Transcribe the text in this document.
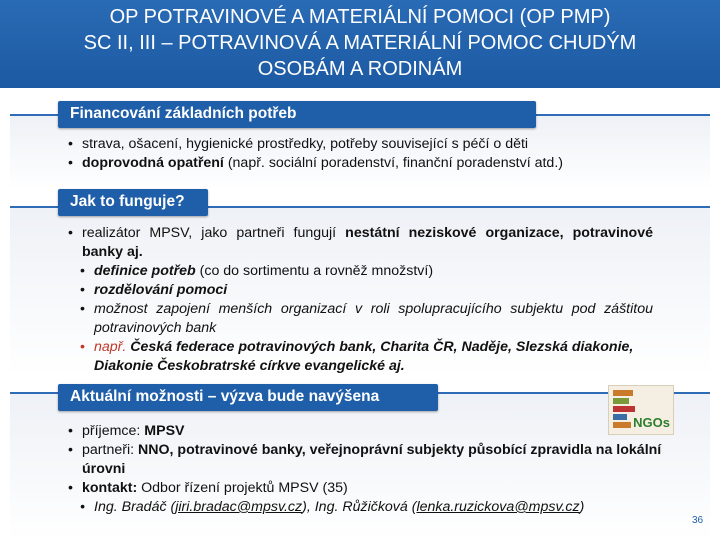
OP POTRAVINOVÉ A MATERIÁLNÍ POMOCI (OP PMP)
SC II, III – POTRAVINOVÁ A MATERIÁLNÍ POMOC CHUDÝM
OSOBÁM A RODINÁM
Financování základních potřeb
• strava, ošacení, hygienické prostředky, potřeby související s péčí o děti
• doprovodná opatření (např. sociální poradenství, finanční poradenství atd.)
Jak to funguje?
• realizátor MPSV, jako partneři fungují nestátní neziskové organizace, potravinové banky aj.
• definice potřeb (co do sortimentu a rovněž množství)
• rozdělování pomoci
• možnost zapojení menších organizací v roli spolupracujícího subjektu pod záštitou potravinových bank
• např. Česká federace potravinových bank, Charita ČR, Naděje, Slezská diakonie, Diakonie Českobratrské církve evangelické aj.
Aktuální možnosti – výzva bude navýšena
NGOs
• příjemce: MPSV
• partneři: NNO, potravinové banky, veřejnoprávní subjekty působící zpravidla na lokální úrovni
• kontakt: Odbor řízení projektů MPSV (35)
• Ing. Bradáč (jiri.bradac@mpsv.cz), Ing. Růžičková (lenka.ruzickova@mpsv.cz)
36
